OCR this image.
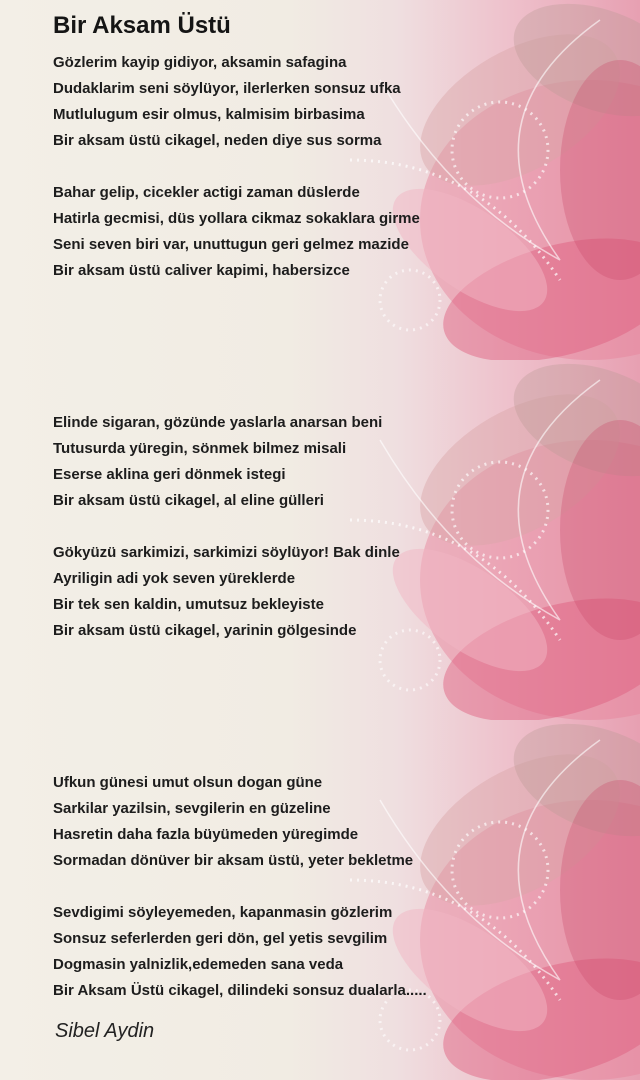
Bir Aksam Üstü
Gözlerim kayip gidiyor, aksamin safagina
Dudaklarim seni söylüyor, ilerlerken sonsuz ufka
Mutlulugum esir olmus, kalmisim birbasima
Bir aksam üstü cikagel, neden diye sus sorma
Bahar gelip, cicekler actigi zaman düslerde
Hatirla gecmisi, düs yollara cikmaz sokaklara girme
Seni seven biri var, unuttugun geri gelmez mazide
Bir aksam üstü caliver kapimi, habersizce
Elinde sigaran, gözünde yaslarla anarsan beni
Tutusurda yüregin, sönmek bilmez misali
Eserse aklina geri dönmek istegi
Bir aksam üstü cikagel, al eline gülleri
Gökyüzü sarkimizi, sarkimizi söylüyor! Bak dinle
Ayriligin adi yok seven yüreklerde
Bir tek sen kaldin, umutsuz bekleyiste
Bir aksam üstü cikagel, yarinin gölgesinde
Ufkun günesi umut olsun dogan güne
Sarkilar yazilsin, sevgilerin en güzeline
Hasretin daha fazla büyümeden yüregimde
Sormadan dönüver bir aksam üstü, yeter bekletme
Sevdigimi söyleyemeden, kapanmasin gözlerim
Sonsuz seferlerden geri dön, gel yetis sevgilim
Dogmasin yalnizlik,edemeden sana veda
Bir Aksam Üstü cikagel, dilindeki sonsuz dualarla.....

Sibel Aydin
